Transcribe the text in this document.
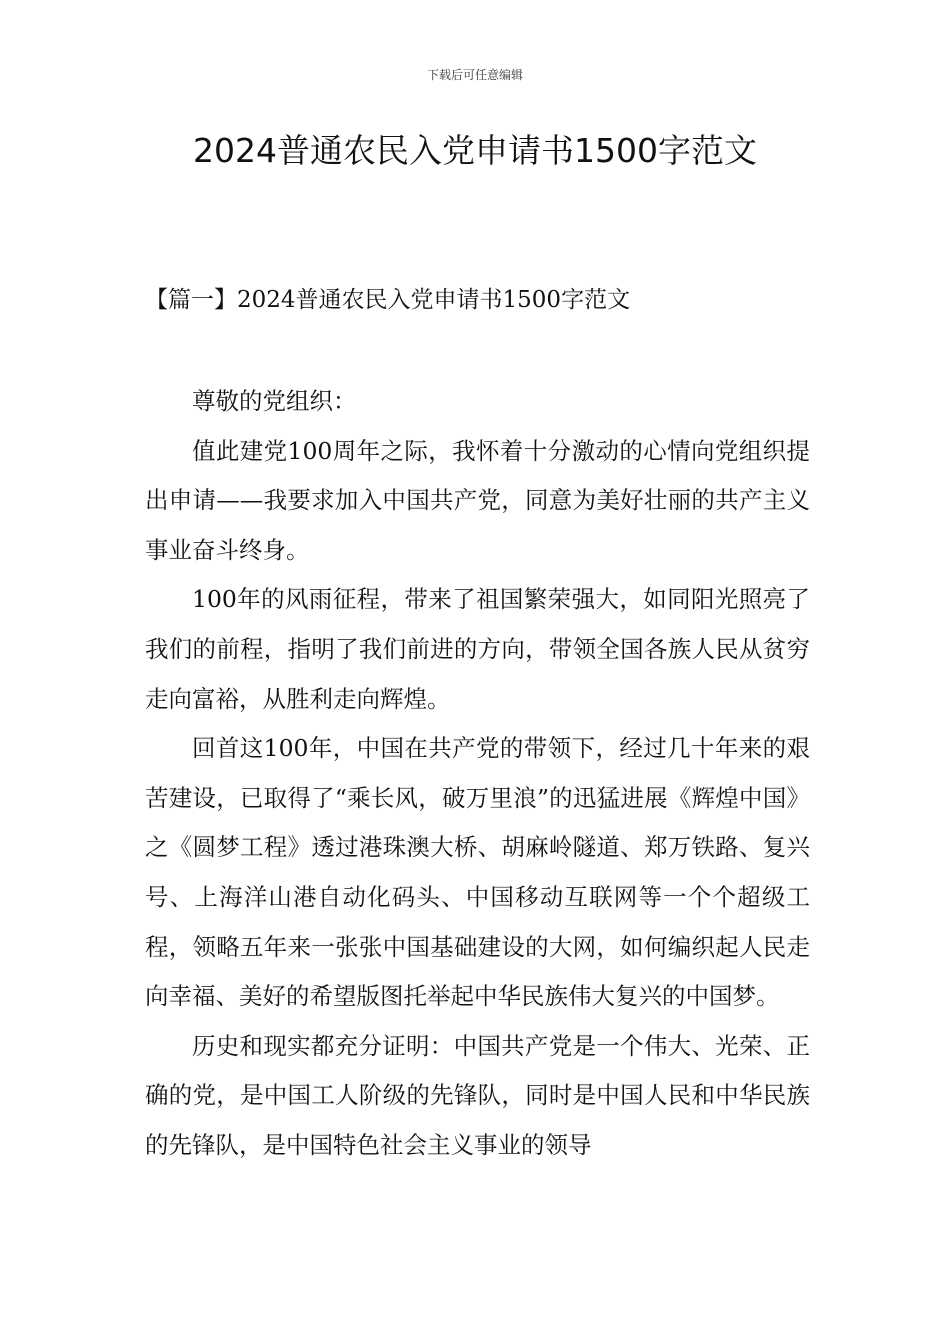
下载后可任意编辑
2024普通农民入党申请书1500字范文
【篇一】2024普通农民入党申请书1500字范文

尊敬的党组织：

值此建党100周年之际，我怀着十分激动的心情向党组织提出申请——我要求加入中国共产党，同意为美好壮丽的共产主义事业奋斗终身。

100年的风雨征程，带来了祖国繁荣强大，如同阳光照亮了我们的前程，指明了我们前进的方向，带领全国各族人民从贫穷走向富裕，从胜利走向辉煌。

回首这100年，中国在共产党的带领下，经过几十年来的艰苦建设，已取得了“乘长风，破万里浪”的迅猛进展《辉煌中国》之《圆梦工程》透过港珠澳大桥、胡麻岭隧道、郑万铁路、复兴号、上海洋山港自动化码头、中国移动互联网等一个个超级工程，领略五年来一张张中国基础建设的大网，如何编织起人民走向幸福、美好的希望版图托举起中华民族伟大复兴的中国梦。

历史和现实都充分证明：中国共产党是一个伟大、光荣、正确的党，是中国工人阶级的先锋队，同时是中国人民和中华民族的先锋队，是中国特色社会主义事业的领导
